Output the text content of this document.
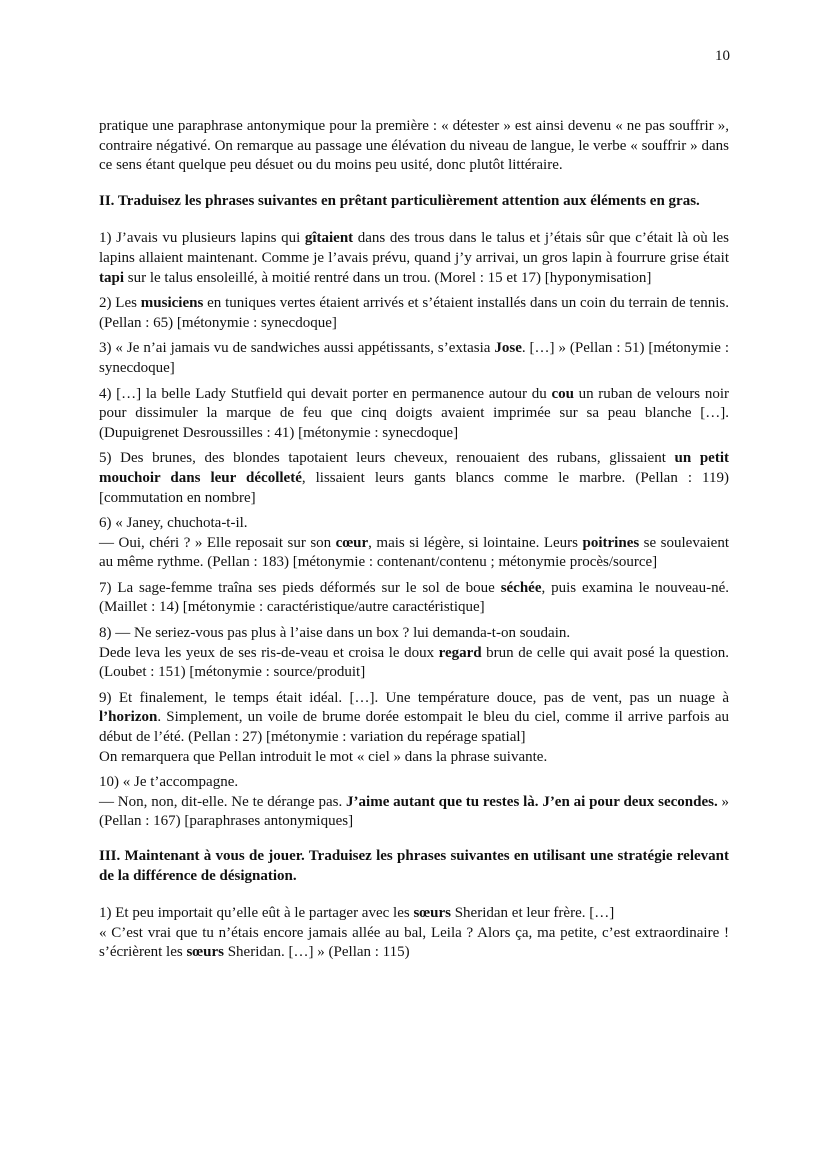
10

pratique une paraphrase antonymique pour la première : « détester » est ainsi devenu « ne pas souffrir », contraire négativé. On remarque au passage une élévation du niveau de langue, le verbe « souffrir » dans ce sens étant quelque peu désuet ou du moins peu usité, donc plutôt littéraire.

II. Traduisez les phrases suivantes en prêtant particulièrement attention aux éléments en gras.

1) J’avais vu plusieurs lapins qui gîtaient dans des trous dans le talus et j’étais sûr que c’était là où les lapins allaient maintenant. Comme je l’avais prévu, quand j’y arrivai, un gros lapin à fourrure grise était tapi sur le talus ensoleillé, à moitié rentré dans un trou. (Morel : 15 et 17) [hyponymisation]

2) Les musiciens en tuniques vertes étaient arrivés et s’étaient installés dans un coin du terrain de tennis. (Pellan : 65) [métonymie : synecdoque]

3) « Je n’ai jamais vu de sandwiches aussi appétissants, s’extasia Jose. […] » (Pellan : 51) [métonymie : synecdoque]

4) […] la belle Lady Stutfield qui devait porter en permanence autour du cou un ruban de velours noir pour dissimuler la marque de feu que cinq doigts avaient imprimée sur sa peau blanche […]. (Dupuigrenet Desroussilles : 41) [métonymie : synecdoque]

5) Des brunes, des blondes tapotaient leurs cheveux, renouaient des rubans, glissaient un petit mouchoir dans leur décolleté, lissaient leurs gants blancs comme le marbre. (Pellan : 119) [commutation en nombre]

6) « Janey, chuchota-t-il.

— Oui, chéri ? » Elle reposait sur son cœur, mais si légère, si lointaine. Leurs poitrines se soulevaient au même rythme. (Pellan : 183) [métonymie : contenant/contenu ; métonymie procès/source]

7) La sage-femme traîna ses pieds déformés sur le sol de boue séchée, puis examina le nouveau-né. (Maillet : 14) [métonymie : caractéristique/autre caractéristique]

8) — Ne seriez-vous pas plus à l’aise dans un box ? lui demanda-t-on soudain.

Dede leva les yeux de ses ris-de-veau et croisa le doux regard brun de celle qui avait posé la question. (Loubet : 151) [métonymie : source/produit]

9) Et finalement, le temps était idéal. […]. Une température douce, pas de vent, pas un nuage à l’horizon. Simplement, un voile de brume dorée estompait le bleu du ciel, comme il arrive parfois au début de l’été. (Pellan : 27) [métonymie : variation du repérage spatial]

On remarquera que Pellan introduit le mot « ciel » dans la phrase suivante.

10) « Je t’accompagne.

— Non, non, dit-elle. Ne te dérange pas. J’aime autant que tu restes là. J’en ai pour deux secondes. » (Pellan : 167) [paraphrases antonymiques]

III. Maintenant à vous de jouer. Traduisez les phrases suivantes en utilisant une stratégie relevant de la différence de désignation.

1) Et peu importait qu’elle eût à le partager avec les sœurs Sheridan et leur frère. […]

« C’est vrai que tu n’étais encore jamais allée au bal, Leila ? Alors ça, ma petite, c’est extraordinaire ! s’écrièrent les sœurs Sheridan. […] » (Pellan : 115)
